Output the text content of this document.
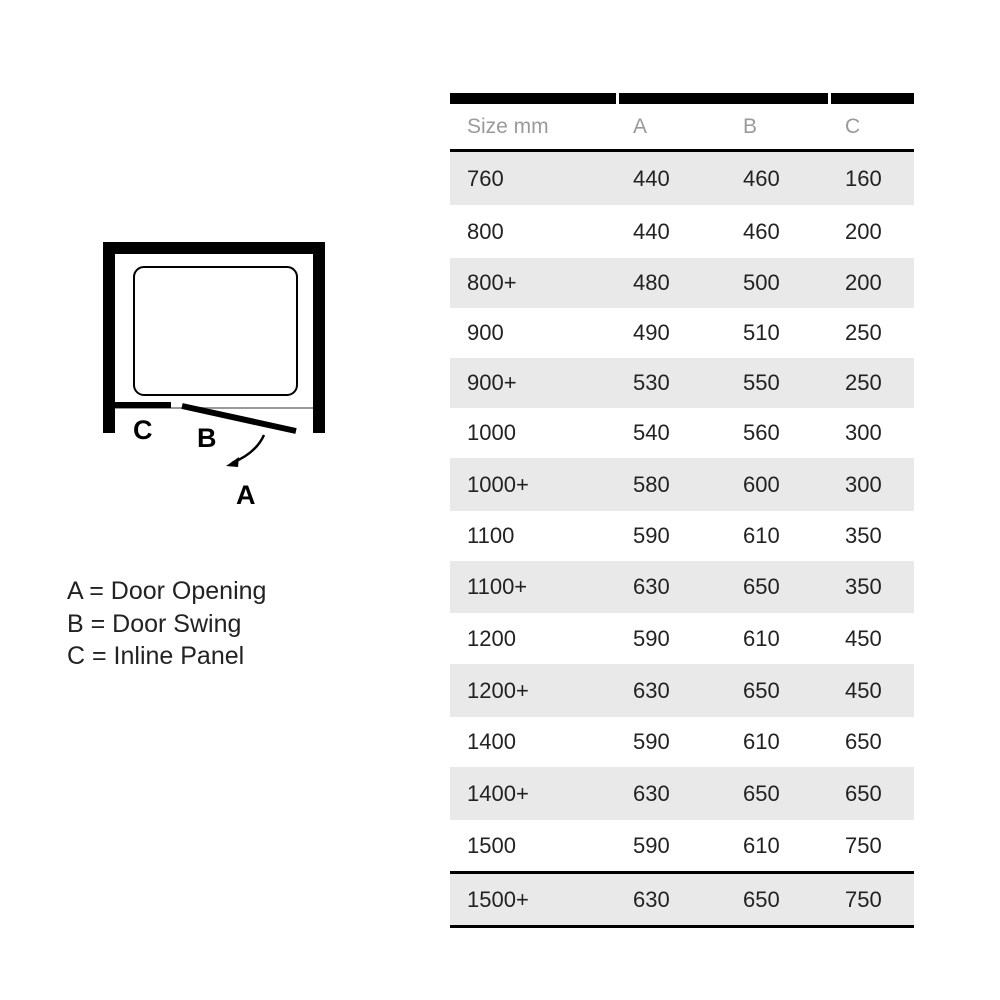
C B
A
A = Door Opening
B = Door Swing
C = Inline Panel
Size mm	A	B	C
760	440	460	160
800	440	460	200
800+	480	500	200
900	490	510	250
900+	530	550	250
1000	540	560	300
1000+	580	600	300
1100	590	610	350
1100+	630	650	350
1200	590	610	450
1200+	630	650	450
1400	590	610	650
1400+	630	650	650
1500	590	610	750
1500+	630	650	750
